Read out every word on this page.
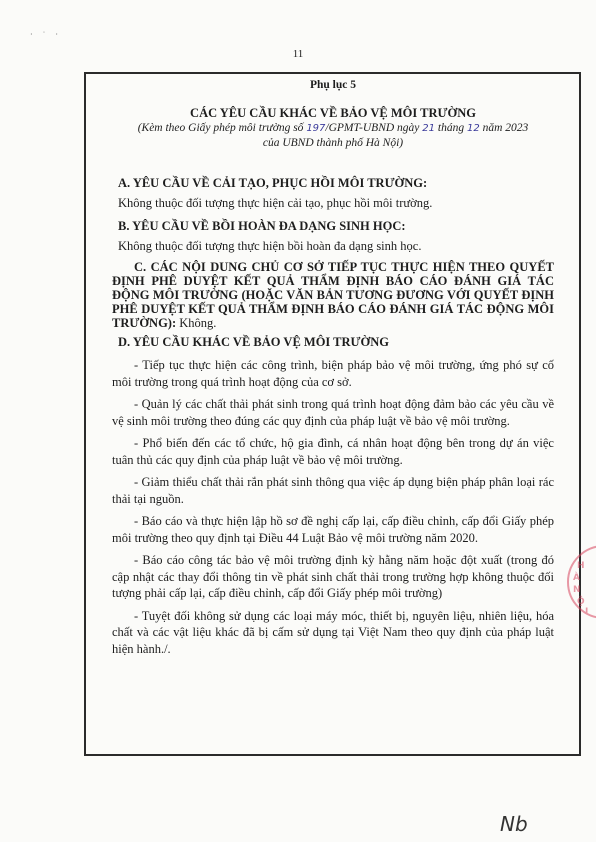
· ˙ ·
11
Phụ lục 5
CÁC YÊU CẦU KHÁC VỀ BẢO VỆ MÔI TRƯỜNG
(Kèm theo Giấy phép môi trường số 197/GPMT-UBND ngày 21 tháng 12 năm 2023
của UBND thành phố Hà Nội)
A. YÊU CẦU VỀ CẢI TẠO, PHỤC HỒI MÔI TRƯỜNG:

Không thuộc đối tượng thực hiện cải tạo, phục hồi môi trường.

B. YÊU CẦU VỀ BỒI HOÀN ĐA DẠNG SINH HỌC:

Không thuộc đối tượng thực hiện bồi hoàn đa dạng sinh học.

C. CÁC NỘI DUNG CHỦ CƠ SỞ TIẾP TỤC THỰC HIỆN THEO QUYẾT ĐỊNH PHÊ DUYỆT KẾT QUẢ THẨM ĐỊNH BÁO CÁO ĐÁNH GIÁ TÁC ĐỘNG MÔI TRƯỜNG (HOẶC VĂN BẢN TƯƠNG ĐƯƠNG VỚI QUYẾT ĐỊNH PHÊ DUYỆT KẾT QUẢ THẨM ĐỊNH BÁO CÁO ĐÁNH GIÁ TÁC ĐỘNG MÔI TRƯỜNG): Không.

D. YÊU CẦU KHÁC VỀ BẢO VỆ MÔI TRƯỜNG

- Tiếp tục thực hiện các công trình, biện pháp bảo vệ môi trường, ứng phó sự cố môi trường trong quá trình hoạt động của cơ sở.

- Quản lý các chất thải phát sinh trong quá trình hoạt động đảm bảo các yêu cầu về vệ sinh môi trường theo đúng các quy định của pháp luật về bảo vệ môi trường.

- Phổ biến đến các tổ chức, hộ gia đình, cá nhân hoạt động bên trong dự án việc tuân thủ các quy định của pháp luật về bảo vệ môi trường.

- Giảm thiểu chất thải rắn phát sinh thông qua việc áp dụng biện pháp phân loại rác thải tại nguồn.

- Báo cáo và thực hiện lập hồ sơ đề nghị cấp lại, cấp điều chỉnh, cấp đổi Giấy phép môi trường theo quy định tại Điều 44 Luật Bảo vệ môi trường năm 2020.

- Báo cáo công tác bảo vệ môi trường định kỳ hằng năm hoặc đột xuất (trong đó cập nhật các thay đổi thông tin về phát sinh chất thải trong trường hợp không thuộc đối tượng phải cấp lại, cấp điều chỉnh, cấp đổi Giấy phép môi trường)

- Tuyệt đối không sử dụng các loại máy móc, thiết bị, nguyên liệu, nhiên liệu, hóa chất và các vật liệu khác đã bị cấm sử dụng tại Việt Nam theo quy định của pháp luật hiện hành./.

H
À
N
Ộ
I
Nb
